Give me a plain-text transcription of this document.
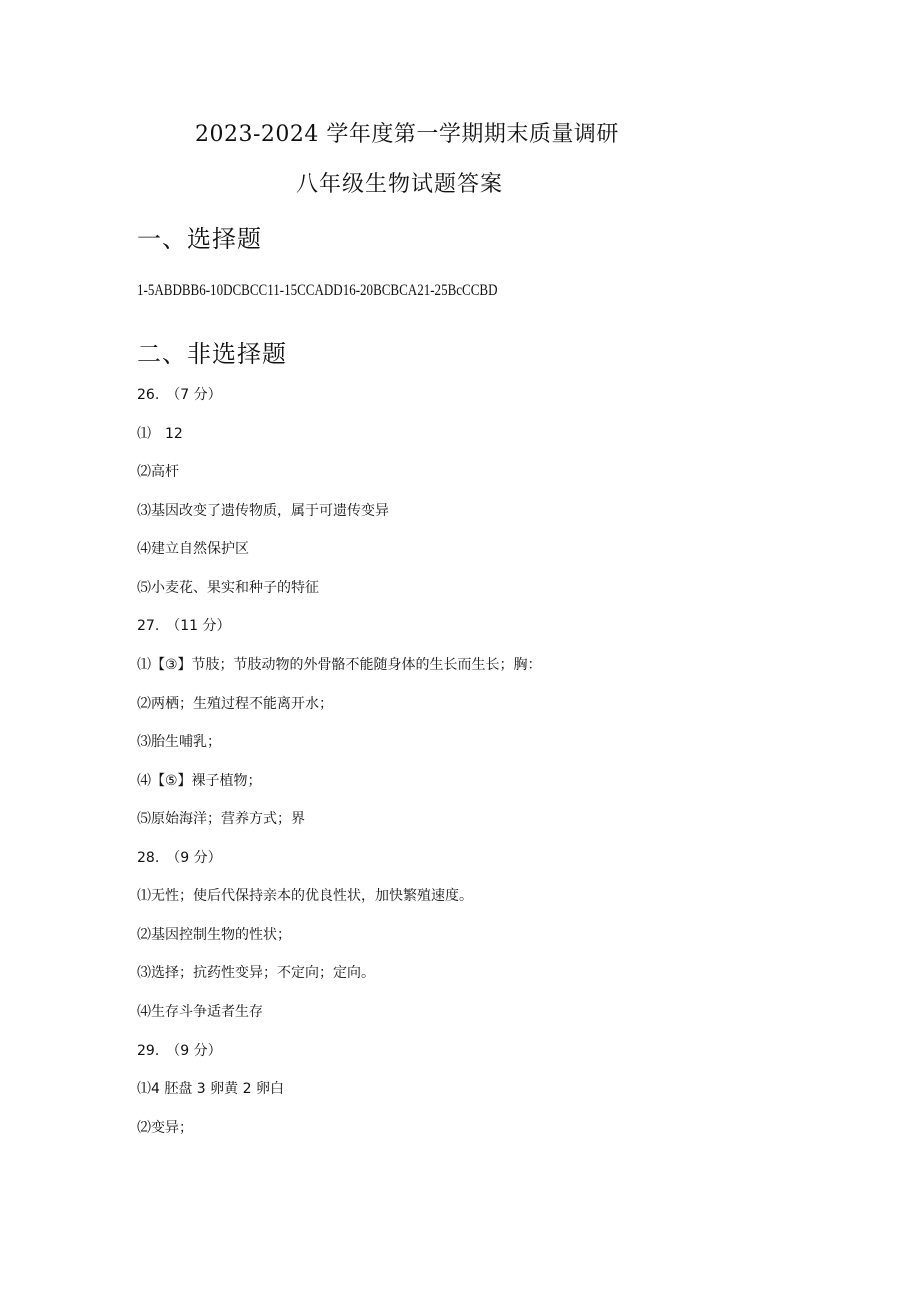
2023-2024 学年度第一学期期末质量调研
八年级生物试题答案
一、选择题
1-5ABDBB6-10DCBCC11-15CCADD16-20BCBCA21-25BcCCBD
二、非选择题
26.　（7 分）
⑴　12
⑵高杆
⑶基因改变了遗传物质，属于可遗传变异
⑷建立自然保护区
⑸小麦花、果实和种子的特征
27.　（11 分）
⑴【③】节肢；节肢动物的外骨骼不能随身体的生长而生长；胸：
⑵两栖；生殖过程不能离开水；
⑶胎生哺乳；
⑷【⑤】裸子植物；
⑸原始海洋；营养方式；界
28.　（9 分）
⑴无性；使后代保持亲本的优良性状，加快繁殖速度。
⑵基因控制生物的性状；
⑶选择；抗药性变异；不定向；定向。
⑷生存斗争适者生存
29.　（9 分）
⑴4 胚盘 3 卵黄 2 卵白
⑵变异；
